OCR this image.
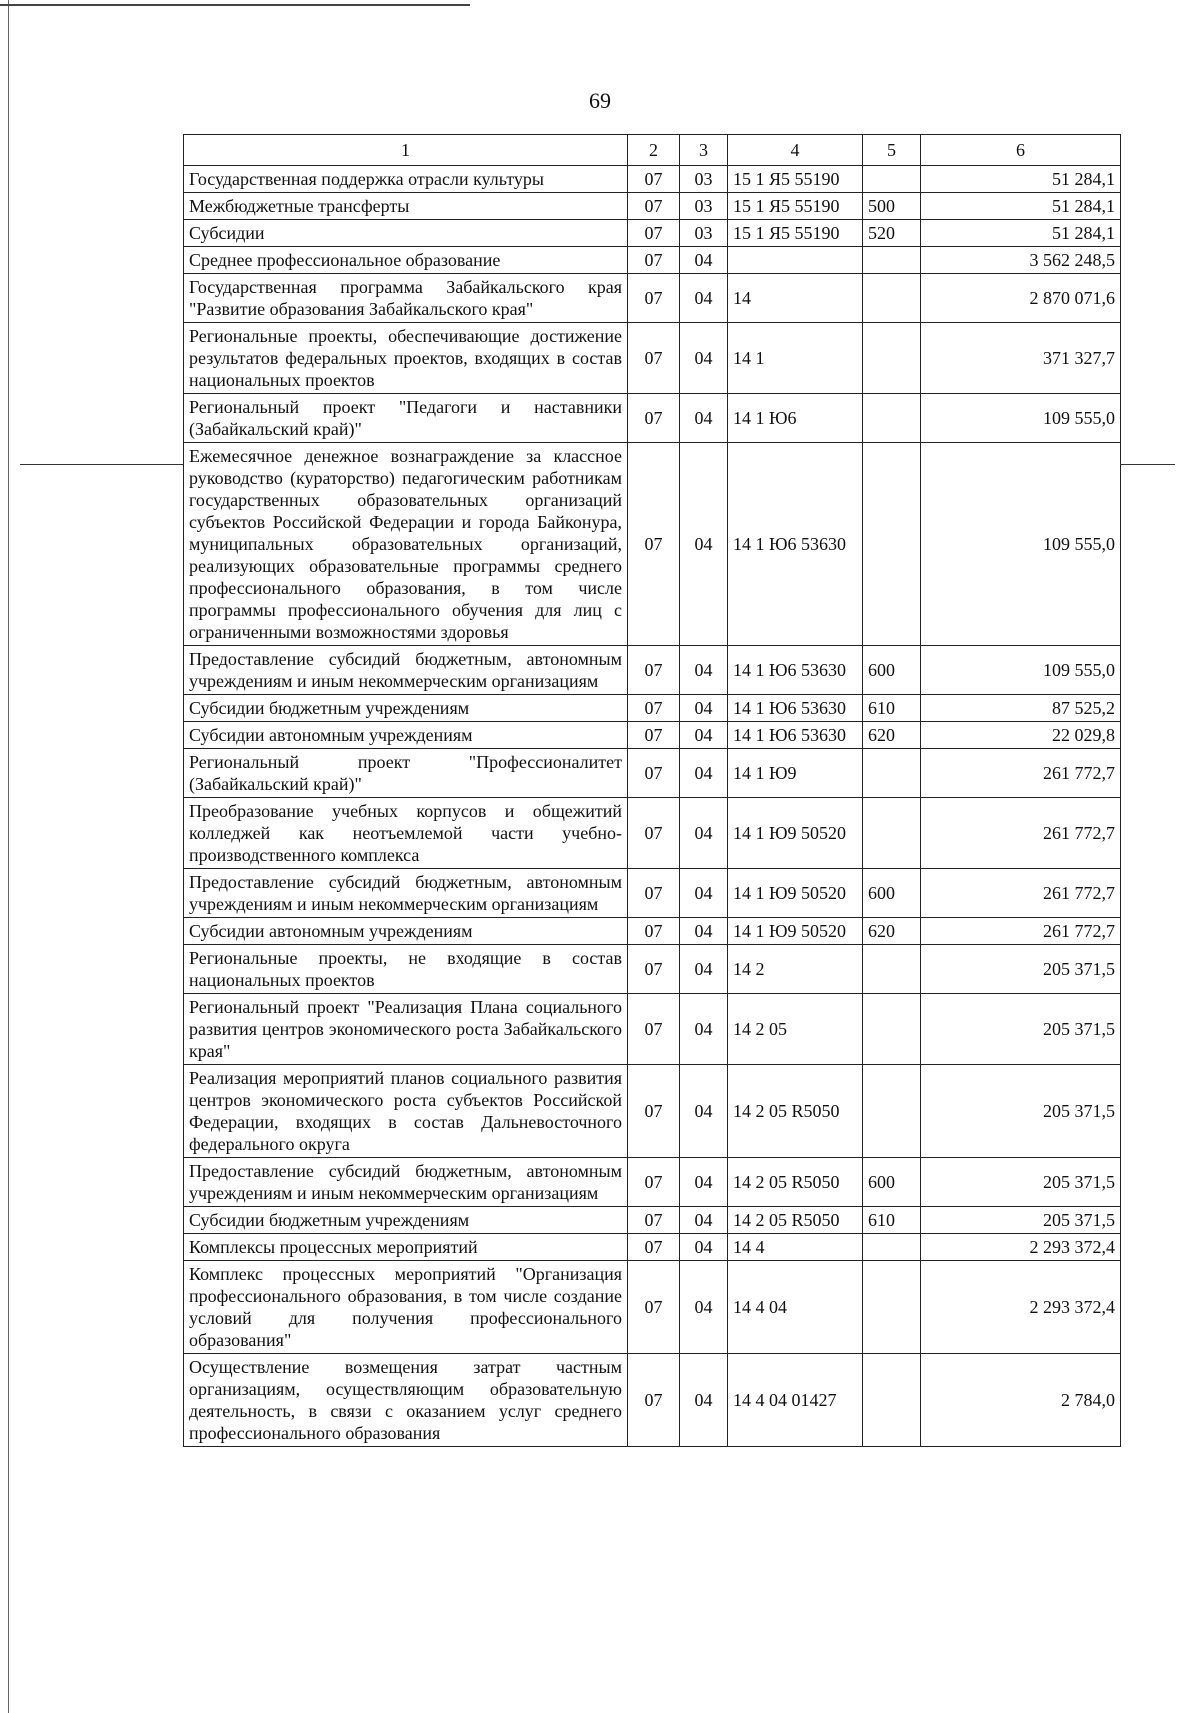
69
1	2	3	4	5	6
Государственная поддержка отрасли культуры	07	03	15 1 Я5 55190		51 284,1
Межбюджетные трансферты	07	03	15 1 Я5 55190	500	51 284,1
Субсидии	07	03	15 1 Я5 55190	520	51 284,1
Среднее профессиональное образование	07	04			3 562 248,5
Государственная программа Забайкальского края "Развитие образования Забайкальского края"	07	04	14		2 870 071,6
Региональные проекты, обеспечивающие достижение результатов федеральных проектов, входящих в состав национальных проектов	07	04	14 1		371 327,7
Региональный проект "Педагоги и наставники (Забайкальский край)"	07	04	14 1 Ю6		109 555,0
Ежемесячное денежное вознаграждение за классное руководство (кураторство) педагогическим работникам государственных образовательных организаций субъектов Российской Федерации и города Байконура, муниципальных образовательных организаций, реализующих образовательные программы среднего профессионального образования, в том числе программы профессионального обучения для лиц с ограниченными возможностями здоровья	07	04	14 1 Ю6 53630		109 555,0
Предоставление субсидий бюджетным, автономным учреждениям и иным некоммерческим организациям	07	04	14 1 Ю6 53630	600	109 555,0
Субсидии бюджетным учреждениям	07	04	14 1 Ю6 53630	610	87 525,2
Субсидии автономным учреждениям	07	04	14 1 Ю6 53630	620	22 029,8
Региональный проект "Профессионалитет (Забайкальский край)"	07	04	14 1 Ю9		261 772,7
Преобразование учебных корпусов и общежитий колледжей как неотъемлемой части учебно-производственного комплекса	07	04	14 1 Ю9 50520		261 772,7
Предоставление субсидий бюджетным, автономным учреждениям и иным некоммерческим организациям	07	04	14 1 Ю9 50520	600	261 772,7
Субсидии автономным учреждениям	07	04	14 1 Ю9 50520	620	261 772,7
Региональные проекты, не входящие в состав национальных проектов	07	04	14 2		205 371,5
Региональный проект "Реализация Плана социального развития центров экономического роста Забайкальского края"	07	04	14 2 05		205 371,5
Реализация мероприятий планов социального развития центров экономического роста субъектов Российской Федерации, входящих в состав Дальневосточного федерального округа	07	04	14 2 05 R5050		205 371,5
Предоставление субсидий бюджетным, автономным учреждениям и иным некоммерческим организациям	07	04	14 2 05 R5050	600	205 371,5
Субсидии бюджетным учреждениям	07	04	14 2 05 R5050	610	205 371,5
Комплексы процессных мероприятий	07	04	14 4		2 293 372,4
Комплекс процессных мероприятий "Организация профессионального образования, в том числе создание условий для получения профессионального образования"	07	04	14 4 04		2 293 372,4
Осуществление возмещения затрат частным организациям, осуществляющим образовательную деятельность, в связи с оказанием услуг среднего профессионального образования	07	04	14 4 04 01427		2 784,0
